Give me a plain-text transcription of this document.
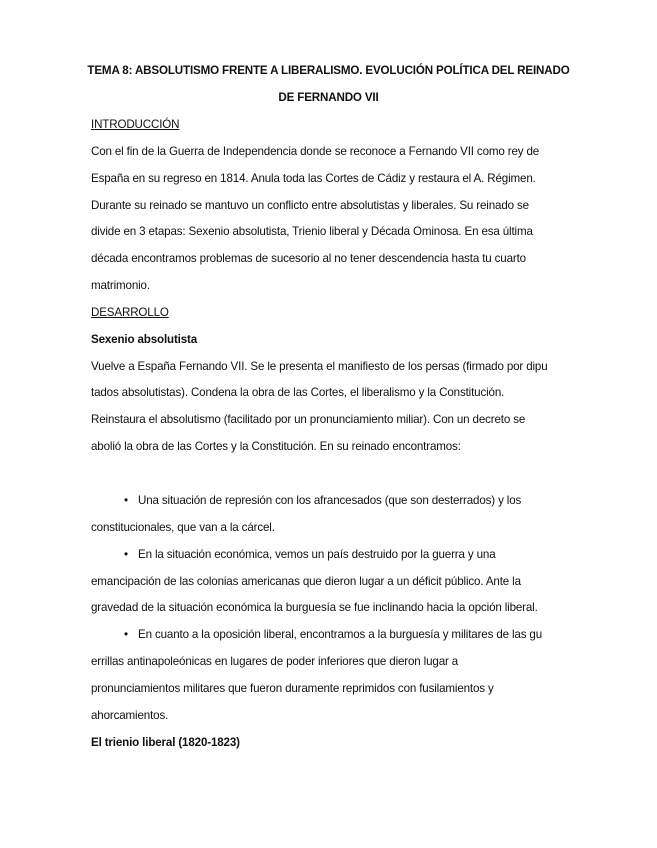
TEMA 8: ABSOLUTISMO FRENTE A LIBERALISMO. EVOLUCIÓN POLÍTICA DEL REINADO
DE FERNANDO VII
INTRODUCCIÓN
Con el fin de la Guerra de Independencia donde se reconoce a Fernando VII como rey de
España en su regreso en 1814. Anula toda las Cortes de Cádiz y restaura el A. Régimen.
Durante su reinado se mantuvo un conflicto entre absolutistas y liberales. Su reinado se
divide en 3 etapas: Sexenio absolutista, Trienio liberal y Década Ominosa. En esa última
década encontramos problemas de sucesorio al no tener descendencia hasta tu cuarto
matrimonio.
DESARROLLO
Sexenio absolutista
Vuelve a España Fernando VII. Se le presenta el manifiesto de los persas (firmado por dipu
tados absolutistas). Condena la obra de las Cortes, el liberalismo y la Constitución.
Reinstaura el absolutismo (facilitado por un pronunciamiento miliar). Con un decreto se
abolió la obra de las Cortes y la Constitución. En su reinado encontramos:
• Una situación de represión con los afrancesados (que son desterrados) y los
constitucionales, que van a la cárcel.
• En la situación económica, vemos un país destruido por la guerra y una
emancipación de las colonias americanas que dieron lugar a un déficit público. Ante la
gravedad de la situación económica la burguesía se fue inclinando hacia la opción liberal.
• En cuanto a la oposición liberal, encontramos a la burguesía y militares de las gu
errillas antinapoleónicas en lugares de poder inferiores que dieron lugar a
pronunciamientos militares que fueron duramente reprimidos con fusilamientos y
ahorcamientos.
El trienio liberal (1820-1823)
